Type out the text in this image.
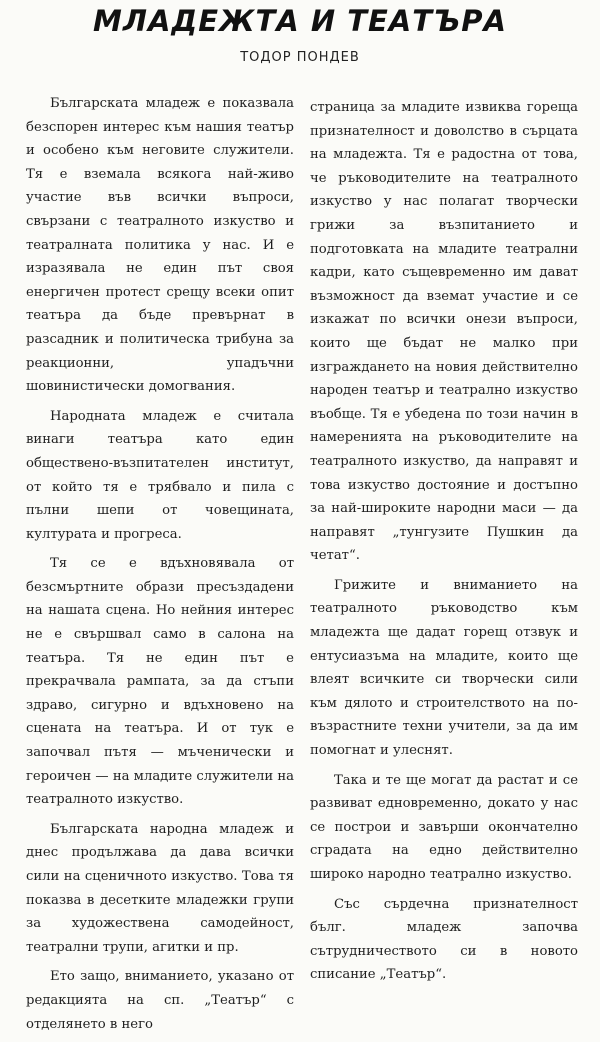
МЛАДЕЖТА И ТЕАТЪРА
ТОДОР ПОНДЕВ

Българската младеж е показвала безспорен интерес към нашия театър и особено към неговите служители. Тя е вземала всякога най-живо участие във всички въпроси, свързани с театралното изкуство и театралната политика у нас. И е изразявала не един път своя енергичен протест срещу всеки опит театъра да бъде превърнат в разсадник и политическа трибуна за реакционни, упадъчни шовинистически домогвания.

Народната младеж е считала винаги театъра като един обществено-възпитателен институт, от който тя е трябвало и пила с пълни шепи от човещината, културата и прогреса.

Тя се е вдъхновявала от безсмъртните образи пресъздадени на нашата сцена. Но нейния интерес не е свършвал само в салона на театъра. Тя не един път е прекрачвала рампата, за да стъпи здраво, сигурно и вдъхновено на сцената на театъра. И от тук е започвал пътя — мъченически и героичен — на младите служители на театралното изкуство.

Българската народна младеж и днес продължава да дава всички сили на сценичното изкуство. Това тя показва в десетките младежки групи за художествена самодейност, театрални трупи, агитки и пр.

Ето защо, вниманието, указано от редакцията на сп. „Театър“ с отделянето в него

страница за младите извиква гореща признателност и доволство в сърцата на младежта. Тя е радостна от това, че ръководителите на театралното изкуство у нас полагат творчески грижи за възпитанието и подготовката на младите театрални кадри, като същевременно им дават възможност да вземат участие и се изкажат по всички онези въпроси, които ще бъдат не малко при изграждането на новия действително народен театър и театрално изкуство въобще. Тя е убедена по този начин в намеренията на ръководителите на театралното изкуство, да направят и това изкуство достояние и достъпно за най-широките народни маси — да направят „тунгузите Пушкин да четат“.

Грижите и вниманието на театралното ръководство към младежта ще дадат горещ отзвук и ентусиазъма на младите, които ще влеят всичките си творчески сили към дялото и строителството на по-възрастните техни учители, за да им помогнат и улеснят.

Така и те ще могат да растат и се развиват едновременно, докато у нас се построи и завърши окончателно сградата на едно действително широко народно театрално изкуство.

Със сърдечна признателност бълг. младеж започва сътрудничеството си в новото списание „Театър“.
